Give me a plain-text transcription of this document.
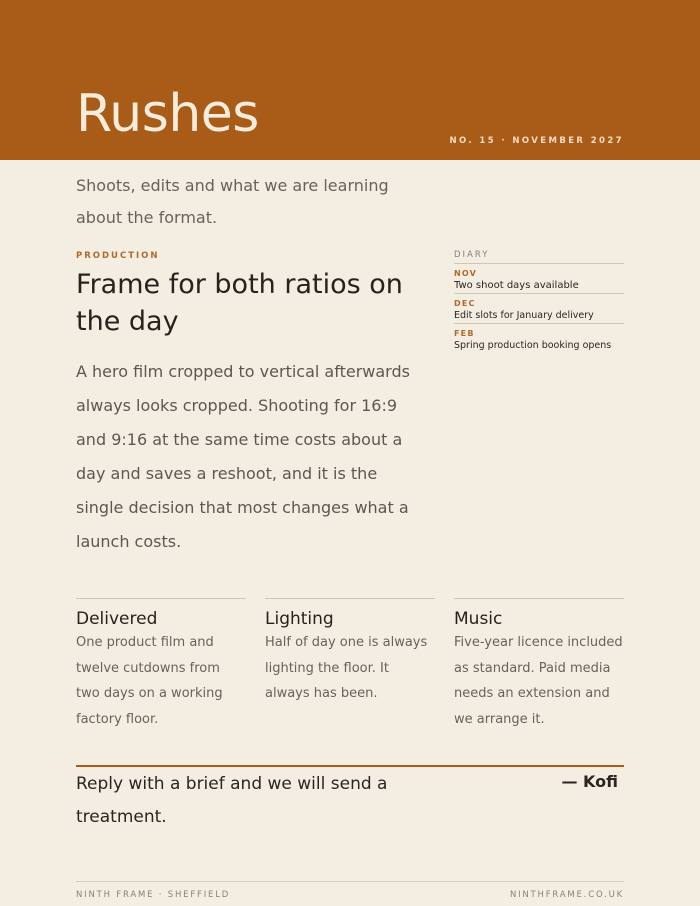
Rushes	NO. 15 · NOVEMBER 2027
Shoots, edits and what we are learning about the format.
PRODUCTION
Frame for both ratios on the day
A hero film cropped to vertical afterwards always looks cropped. Shooting for 16:9 and 9:16 at the same time costs about a day and saves a reshoot, and it is the single decision that most changes what a launch costs.
DIARY
NOV
Two shoot days available
DEC
Edit slots for January delivery
FEB
Spring production booking opens
Delivered
One product film and twelve cutdowns from two days on a working factory floor.
Lighting
Half of day one is always lighting the floor. It always has been.
Music
Five-year licence included as standard. Paid media needs an extension and we arrange it.
Reply with a brief and we will send a treatment.
— Kofi
NINTH FRAME · SHEFFIELD	NINTHFRAME.CO.UK
